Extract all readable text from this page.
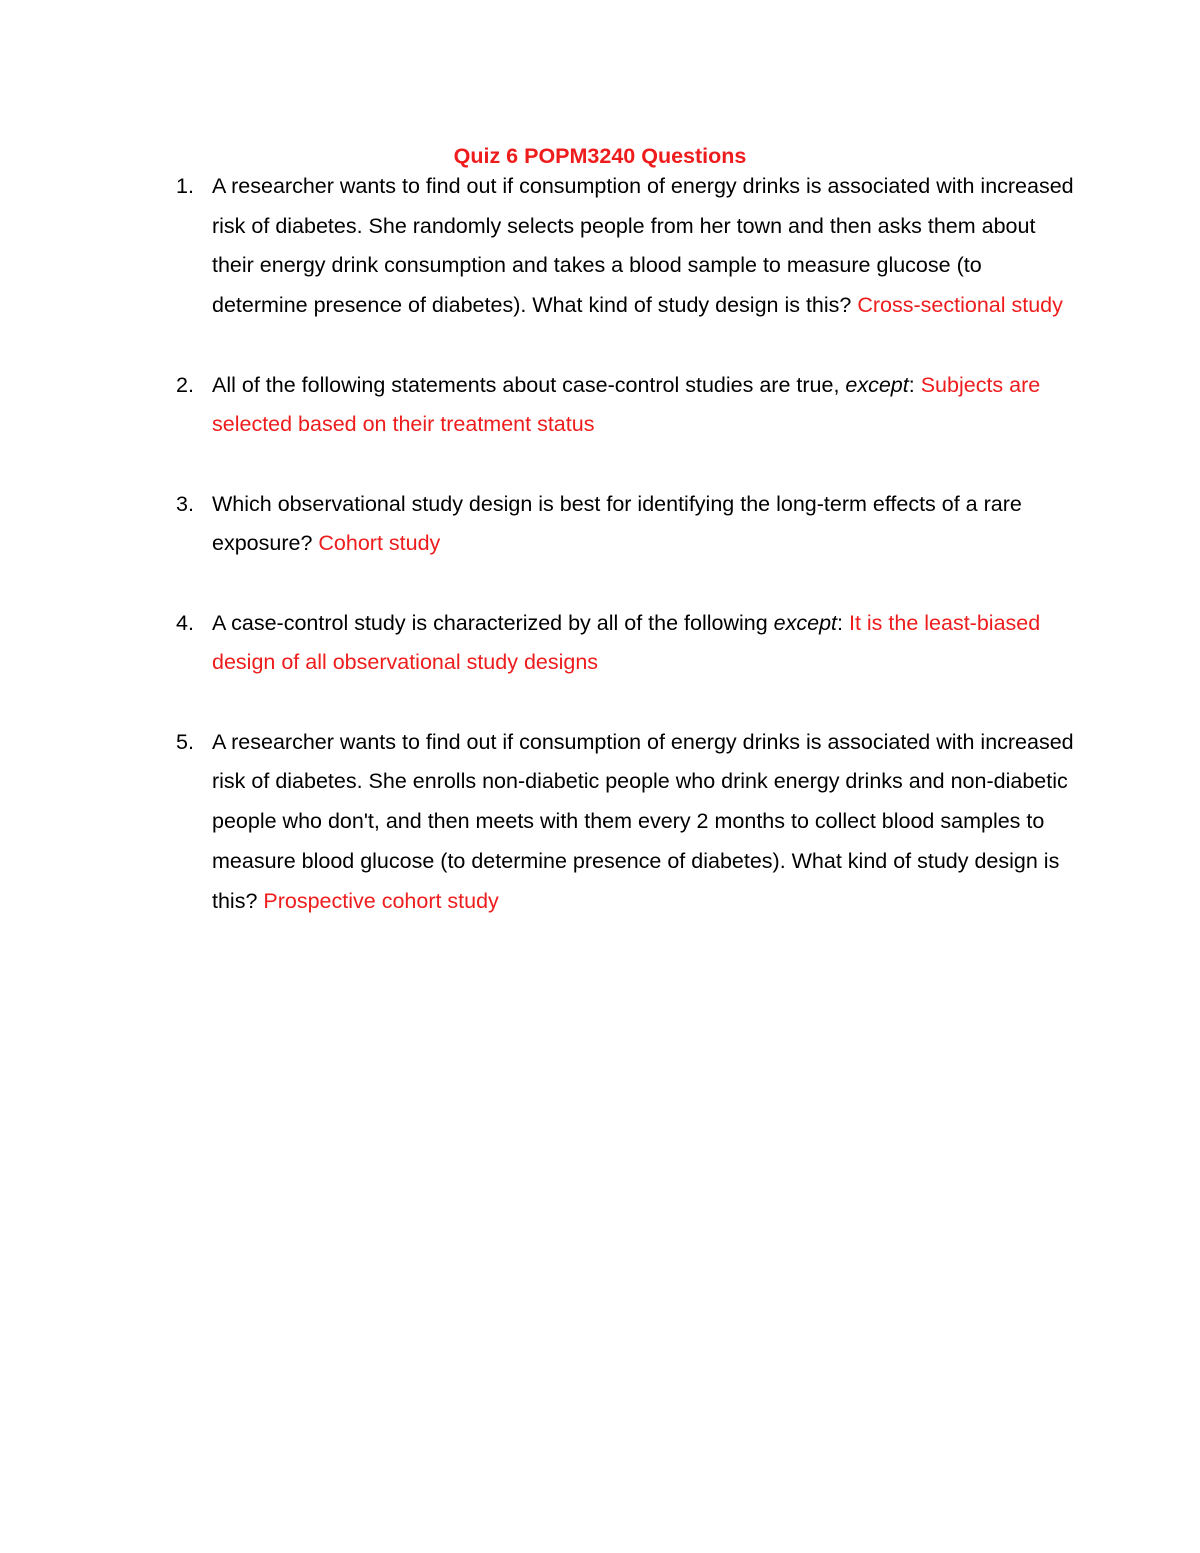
Quiz 6 POPM3240 Questions
1. A researcher wants to find out if consumption of energy drinks is associated with increased risk of diabetes. She randomly selects people from her town and then asks them about their energy drink consumption and takes a blood sample to measure glucose (to determine presence of diabetes). What kind of study design is this? Cross-sectional study
2. All of the following statements about case-control studies are true, except: Subjects are selected based on their treatment status
3. Which observational study design is best for identifying the long-term effects of a rare exposure? Cohort study
4. A case-control study is characterized by all of the following except: It is the least-biased design of all observational study designs
5. A researcher wants to find out if consumption of energy drinks is associated with increased risk of diabetes. She enrolls non-diabetic people who drink energy drinks and non-diabetic people who don't, and then meets with them every 2 months to collect blood samples to measure blood glucose (to determine presence of diabetes). What kind of study design is this? Prospective cohort study
